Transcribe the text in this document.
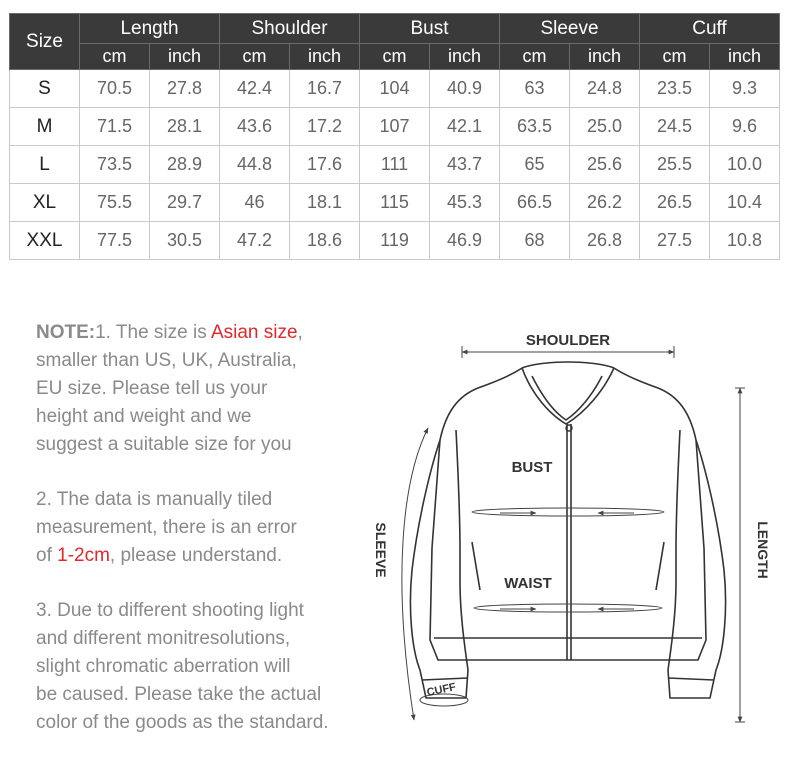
Size	Length		Shoulder		Bust		Sleeve		Cuff	
	cm	inch	cm	inch	cm	inch	cm	inch	cm	inch
S	70.5	27.8	42.4	16.7	104	40.9	63	24.8	23.5	9.3
M	71.5	28.1	43.6	17.2	107	42.1	63.5	25.0	24.5	9.6
L	73.5	28.9	44.8	17.6	111	43.7	65	25.6	25.5	10.0
XL	75.5	29.7	46	18.1	115	45.3	66.5	26.2	26.5	10.4
XXL	77.5	30.5	47.2	18.6	119	46.9	68	26.8	27.5	10.8
NOTE:1. The size is Asian size,
smaller than US, UK, Australia,
EU size. Please tell us your
height and weight and we
suggest a suitable size for you
2. The data is manually tiled
measurement, there is an error
of 1-2cm, please understand.
3. Due to different shooting light
and different monitresolutions,
slight chromatic aberration will
be caused. Please take the actual
color of the goods as the standard.
SHOULDER
BUST
WAIST
SLEEVE
CUFF
LENGTH
